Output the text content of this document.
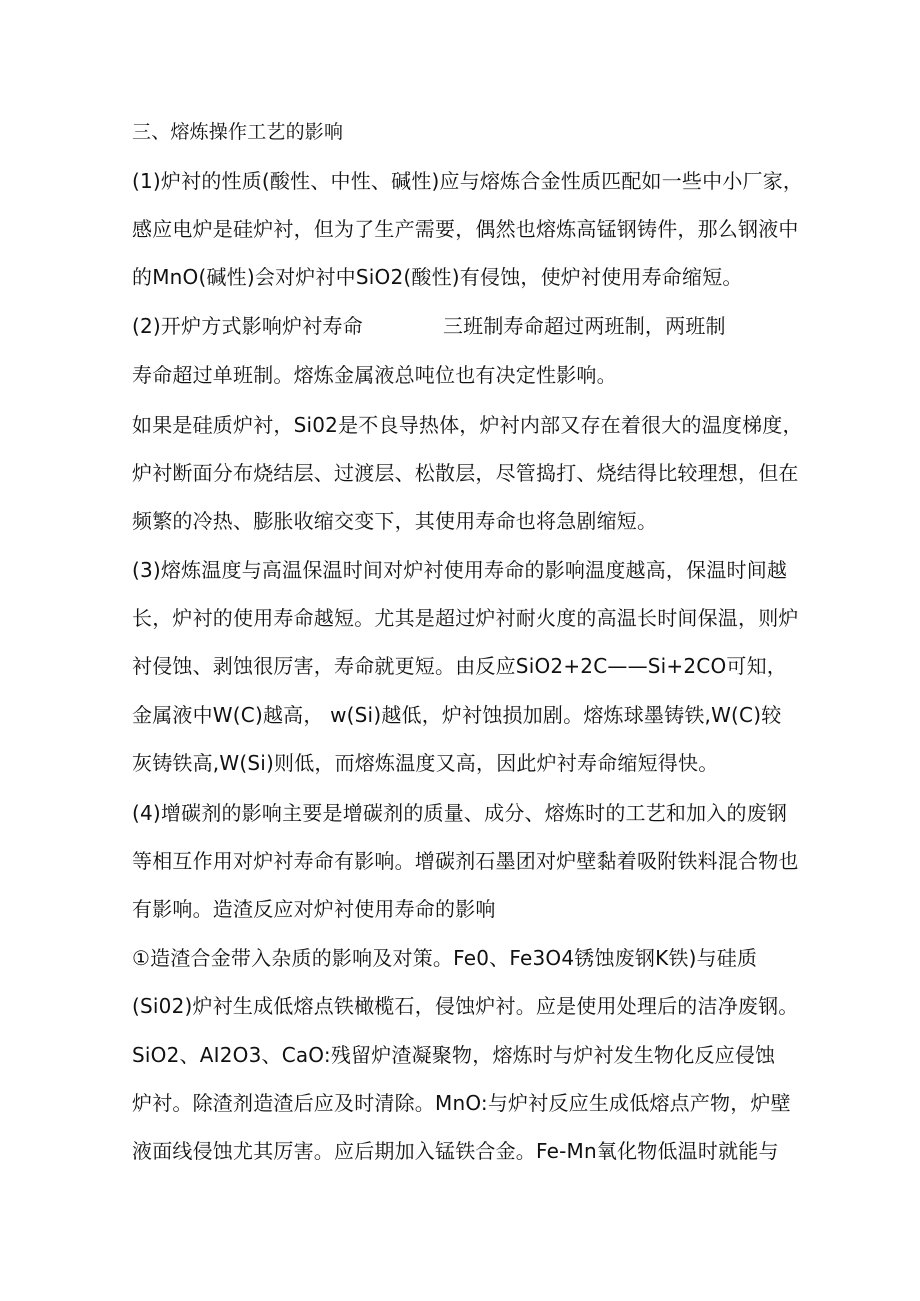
三、熔炼操作工艺的影响
(1)炉衬的性质(酸性、中性、碱性)应与熔炼合金性质匹配如一些中小厂家，
感应电炉是硅炉衬，但为了生产需要，偶然也熔炼高锰钢铸件，那么钢液中
的MnO(碱性)会对炉衬中SiO2(酸性)有侵蚀，使炉衬使用寿命缩短。
(2)开炉方式影响炉衬寿命	三班制寿命超过两班制，两班制
寿命超过单班制。熔炼金属液总吨位也有决定性影响。
如果是硅质炉衬，Si02是不良导热体，炉衬内部又存在着很大的温度梯度，
炉衬断面分布烧结层、过渡层、松散层，尽管捣打、烧结得比较理想，但在
频繁的冷热、膨胀收缩交变下，其使用寿命也将急剧缩短。
(3)熔炼温度与高温保温时间对炉衬使用寿命的影响温度越高，保温时间越
长，炉衬的使用寿命越短。尤其是超过炉衬耐火度的高温长时间保温，则炉
衬侵蚀、剥蚀很厉害，寿命就更短。由反应SiO2+2C——Si+2CO可知，
金属液中W(C)越高， w(Si)越低，炉衬蚀损加剧。熔炼球墨铸铁,W(C)较
灰铸铁高,W(Si)则低，而熔炼温度又高，因此炉衬寿命缩短得快。
(4)增碳剂的影响主要是增碳剂的质量、成分、熔炼时的工艺和加入的废钢
等相互作用对炉衬寿命有影响。增碳剂石墨团对炉壁黏着吸附铁料混合物也
有影响。造渣反应对炉衬使用寿命的影响
①造渣合金带入杂质的影响及对策。Fe0、Fe3O4锈蚀废钢K铁)与硅质
(Si02)炉衬生成低熔点铁橄榄石，侵蚀炉衬。应是使用处理后的洁净废钢。
SiO2、AI2O3、CaO:残留炉渣凝聚物，熔炼时与炉衬发生物化反应侵蚀
炉衬。除渣剂造渣后应及时清除。MnO:与炉衬反应生成低熔点产物，炉壁
液面线侵蚀尤其厉害。应后期加入锰铁合金。Fe-Mn氧化物低温时就能与
